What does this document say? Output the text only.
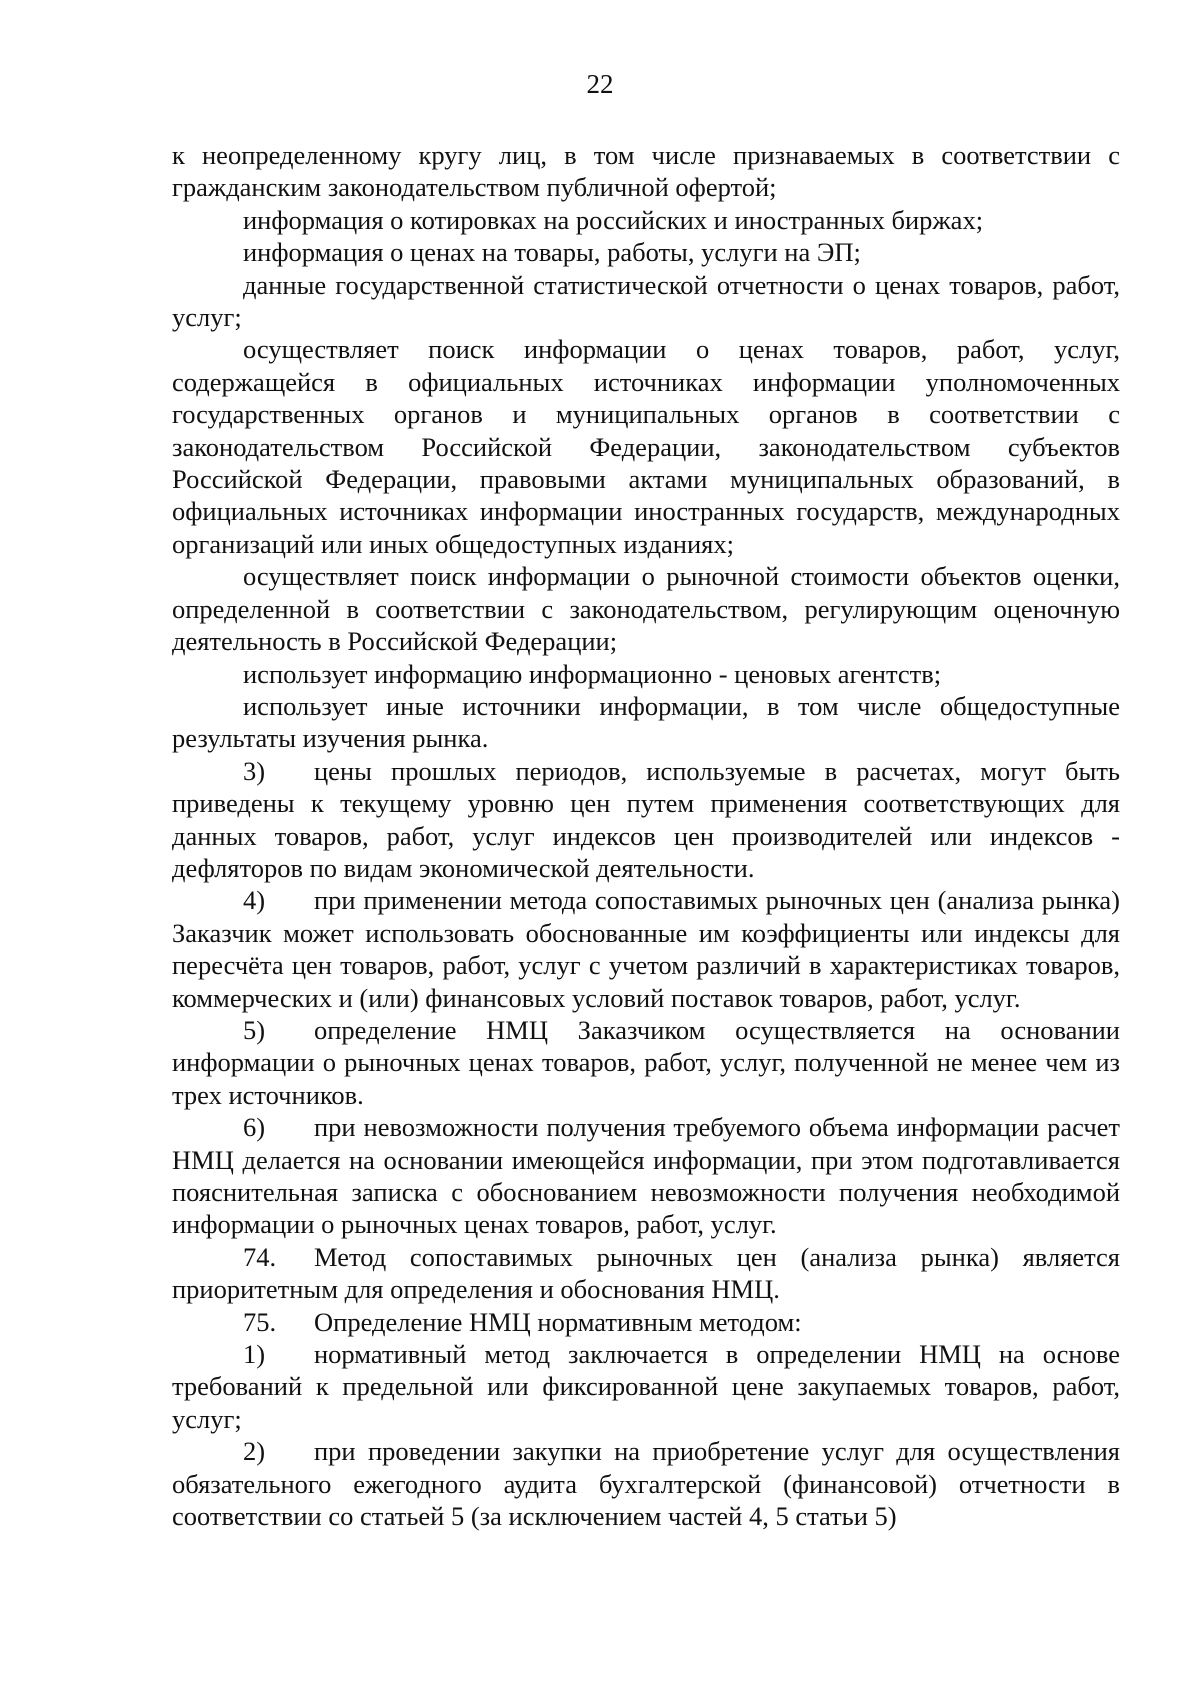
22

к неопределенному кругу лиц, в том числе признаваемых в соответствии с гражданским законодательством публичной офертой;

информация о котировках на российских и иностранных биржах;

информация о ценах на товары, работы, услуги на ЭП;

данные государственной статистической отчетности о ценах товаров, работ, услуг;

осуществляет поиск информации о ценах товаров, работ, услуг, содержащейся в официальных источниках информации уполномоченных государственных органов и муниципальных органов в соответствии с законодательством Российской Федерации, законодательством субъектов Российской Федерации, правовыми актами муниципальных образований, в официальных источниках информации иностранных государств, международных организаций или иных общедоступных изданиях;

осуществляет поиск информации о рыночной стоимости объектов оценки, определенной в соответствии с законодательством, регулирующим оценочную деятельность в Российской Федерации;

использует информацию информационно - ценовых агентств;

использует иные источники информации, в том числе общедоступные результаты изучения рынка.

3) цены прошлых периодов, используемые в расчетах, могут быть приведены к текущему уровню цен путем применения соответствующих для данных товаров, работ, услуг индексов цен производителей или индексов - дефляторов по видам экономической деятельности.

4) при применении метода сопоставимых рыночных цен (анализа рынка) Заказчик может использовать обоснованные им коэффициенты или индексы для пересчёта цен товаров, работ, услуг с учетом различий в характеристиках товаров, коммерческих и (или) финансовых условий поставок товаров, работ, услуг.

5) определение НМЦ Заказчиком осуществляется на основании информации о рыночных ценах товаров, работ, услуг, полученной не менее чем из трех источников.

6) при невозможности получения требуемого объема информации расчет НМЦ делается на основании имеющейся информации, при этом подготавливается пояснительная записка с обоснованием невозможности получения необходимой информации о рыночных ценах товаров, работ, услуг.

74. Метод сопоставимых рыночных цен (анализа рынка) является приоритетным для определения и обоснования НМЦ.

75. Определение НМЦ нормативным методом:

1) нормативный метод заключается в определении НМЦ на основе требований к предельной или фиксированной цене закупаемых товаров, работ, услуг;

2) при проведении закупки на приобретение услуг для осуществления обязательного ежегодного аудита бухгалтерской (финансовой) отчетности в соответствии со статьей 5 (за исключением частей 4, 5 статьи 5)
